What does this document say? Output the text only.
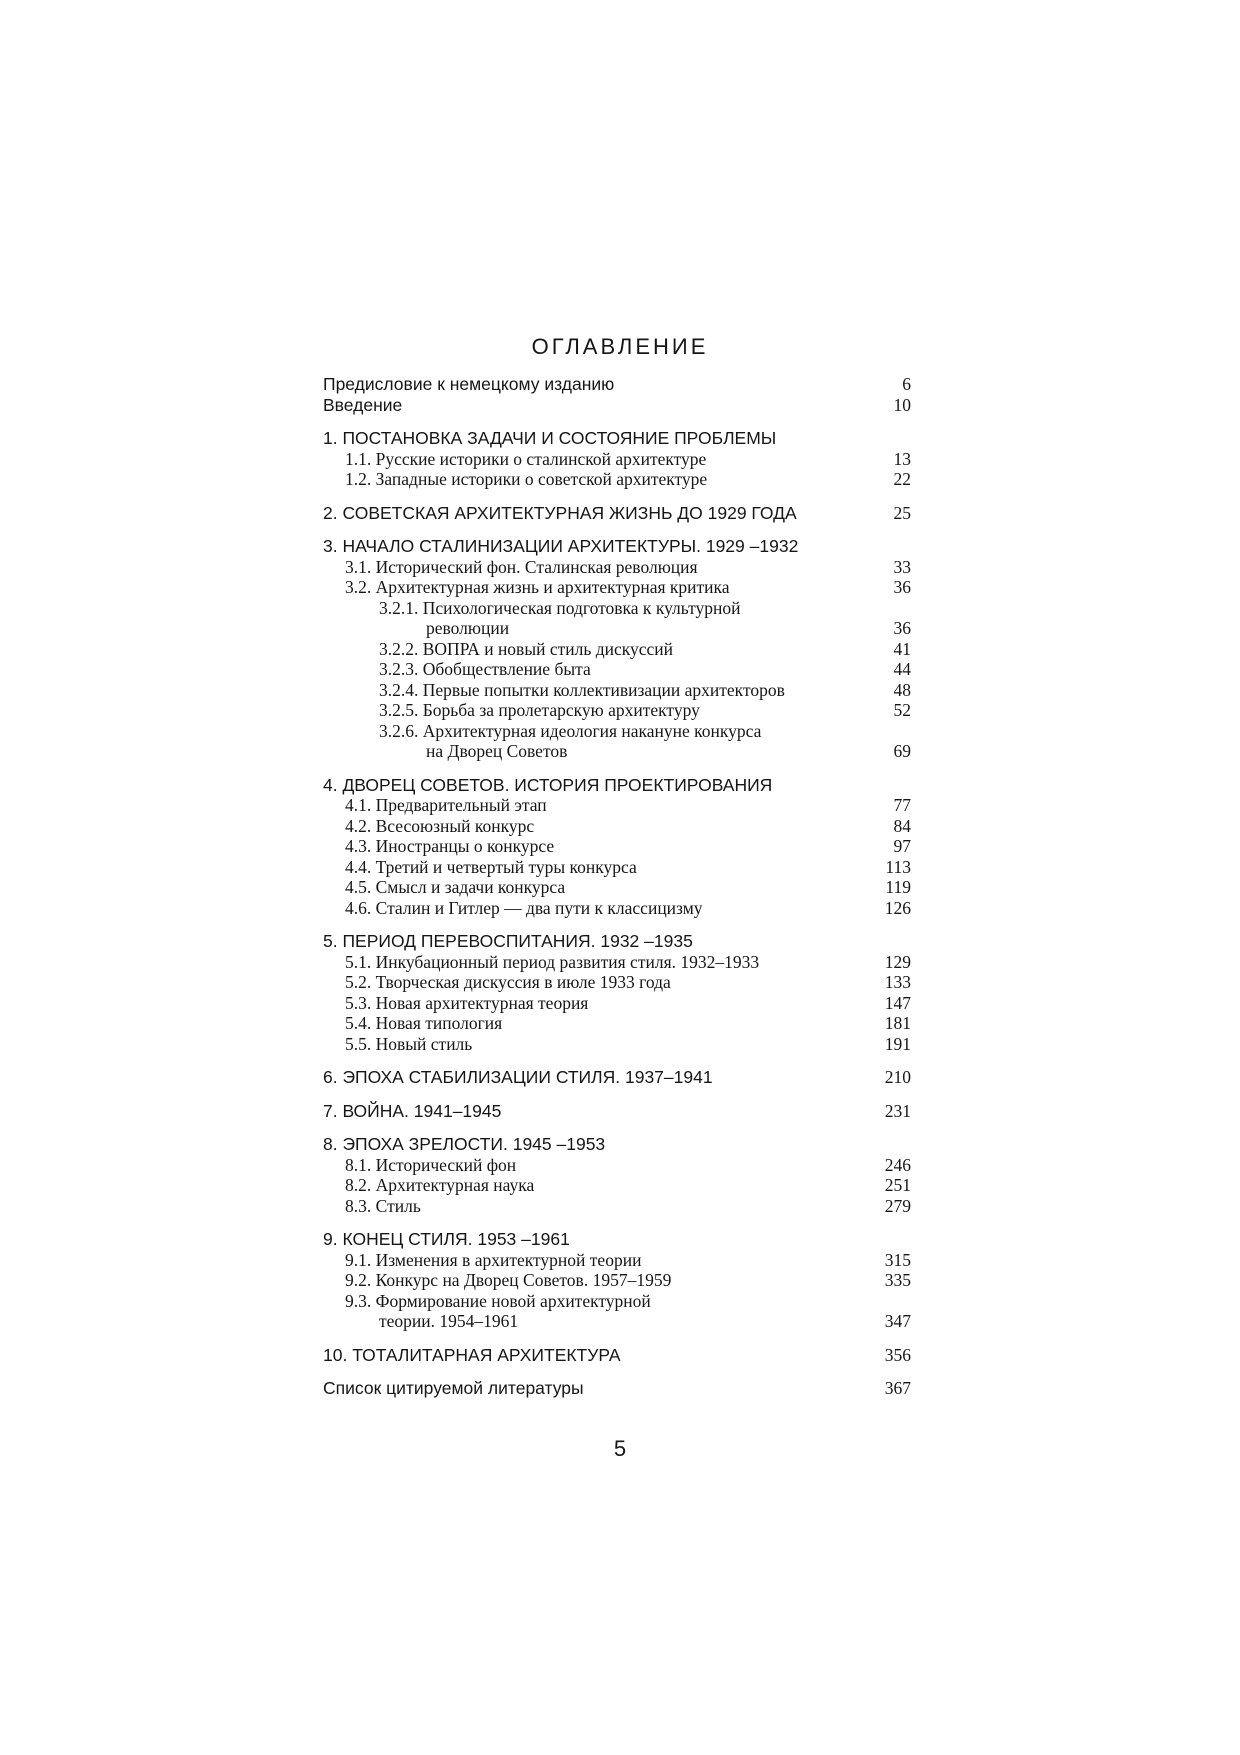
ОГЛАВЛЕНИЕ
Предисловие к немецкому изданию	6
Введение	10
1. ПОСТАНОВКА ЗАДАЧИ И СОСТОЯНИЕ ПРОБЛЕМЫ
1.1. Русские историки о сталинской архитектуре	13
1.2. Западные историки о советской архитектуре	22
2. СОВЕТСКАЯ АРХИТЕКТУРНАЯ ЖИЗНЬ ДО 1929 ГОДА	25
3. НАЧАЛО СТАЛИНИЗАЦИИ АРХИТЕКТУРЫ. 1929 –1932
3.1. Исторический фон. Сталинская революция	33
3.2. Архитектурная жизнь и архитектурная критика	36
3.2.1. Психологическая подготовка к культурной
революции	36
3.2.2. ВОПРА и новый стиль дискуссий	41
3.2.3. Обобществление быта	44
3.2.4. Первые попытки коллективизации архитекторов	48
3.2.5. Борьба за пролетарскую архитектуру	52
3.2.6. Архитектурная идеология накануне конкурса
на Дворец Советов	69
4. ДВОРЕЦ СОВЕТОВ. ИСТОРИЯ ПРОЕКТИРОВАНИЯ
4.1. Предварительный этап	77
4.2. Всесоюзный конкурс	84
4.3. Иностранцы о конкурсе	97
4.4. Третий и четвертый туры конкурса	113
4.5. Смысл и задачи конкурса	119
4.6. Сталин и Гитлер — два пути к классицизму	126
5. ПЕРИОД ПЕРЕВОСПИТАНИЯ. 1932 –1935
5.1. Инкубационный период развития стиля. 1932–1933	129
5.2. Творческая дискуссия в июле 1933 года	133
5.3. Новая архитектурная теория	147
5.4. Новая типология	181
5.5. Новый стиль	191
6. ЭПОХА СТАБИЛИЗАЦИИ СТИЛЯ. 1937–1941	210
7. ВОЙНА. 1941–1945	231
8. ЭПОХА ЗРЕЛОСТИ. 1945 –1953
8.1. Исторический фон	246
8.2. Архитектурная наука	251
8.3. Стиль	279
9. КОНЕЦ СТИЛЯ. 1953 –1961
9.1. Изменения в архитектурной теории	315
9.2. Конкурс на Дворец Советов. 1957–1959	335
9.3. Формирование новой архитектурной
теории. 1954–1961	347
10. ТОТАЛИТАРНАЯ АРХИТЕКТУРА	356
Список цитируемой литературы	367
5
